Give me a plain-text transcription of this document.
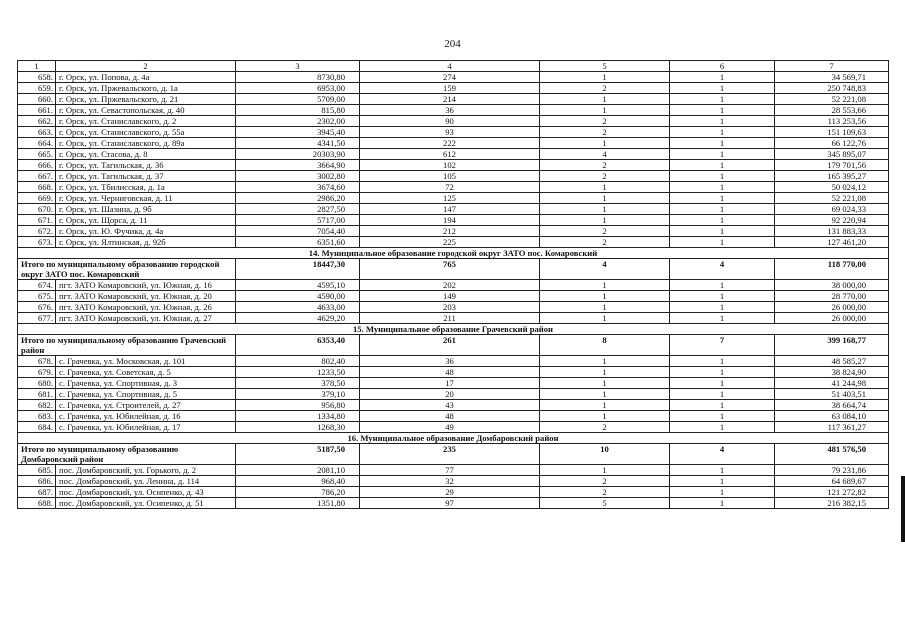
204
1	2	3	4	5	6	7
658.	г. Орск, ул. Попова, д. 4а	8730,80	274	1	1	34 569,71
659.	г. Орск, ул. Пржевальского, д. 1а	6953,00	159	2	1	250 748,83
660.	г. Орск, ул. Пржевальского, д. 21	5709,00	214	1	1	52 221,08
661.	г. Орск, ул. Севастопольская, д. 40	815,80	36	1	1	28 553,66
662.	г. Орск, ул. Станиславского, д. 2	2302,00	90	2	1	113 253,56
663.	г. Орск, ул. Станиславского, д. 55а	3945,40	93	2	1	151 109,63
664.	г. Орск, ул. Станиславского, д. 89а	4341,50	222	1	1	66 122,76
665.	г. Орск, ул. Стасова, д. 8	20303,90	612	4	1	345 895,07
666.	г. Орск, ул. Тагильская, д. 36	3664,90	102	2	1	179 701,56
667.	г. Орск, ул. Тагильская, д. 37	3002,80	105	2	1	165 395,27
668.	г. Орск, ул. Тбилисская, д. 1а	3674,60	72	1	1	50 024,12
669.	г. Орск, ул. Черниговская, д. 11	2986,20	125	1	1	52 221,08
670.	г. Орск, ул. Шазина, д. 9б	2827,50	147	1	1	69 024,33
671.	г. Орск, ул. Щорса, д. 11	5717,00	194	1	1	92 220,94
672.	г. Орск, ул. Ю. Фучика, д. 4а	7054,40	212	2	1	131 883,33
673.	г. Орск, ул. Ялтинская, д. 92б	6351,60	225	2	1	127 461,20
14. Муниципальное образование городской округ ЗАТО пос. Комаровский						
Итого по муниципальному образованию городской округ ЗАТО пос. Комаровский		18447,30	765	4	4	118 770,00
674.	пгт. ЗАТО Комаровский, ул. Южная, д. 16	4595,10	202	1	1	38 000,00
675.	пгт. ЗАТО Комаровский, ул. Южная, д. 20	4590,00	149	1	1	28 770,00
676.	пгт. ЗАТО Комаровский, ул. Южная, д. 26	4633,00	203	1	1	26 000,00
677.	пгт. ЗАТО Комаровский, ул. Южная, д. 27	4629,20	211	1	1	26 000,00
15. Муниципальное образование Грачевский район						
Итого по муниципальному образованию Грачевский район		6353,40	261	8	7	399 168,77
678.	с. Грачевка, ул. Московская, д. 101	802,40	36	1	1	48 585,27
679.	с. Грачевка, ул. Советская, д. 5	1233,50	48	1	1	38 824,90
680.	с. Грачевка, ул. Спортивная, д. 3	378,50	17	1	1	41 244,98
681.	с. Грачевка, ул. Спортивная, д. 5	379,10	20	1	1	51 403,51
682.	с. Грачевка, ул. Строителей, д. 27	956,80	43	1	1	38 664,74
683.	с. Грачевка, ул. Юбилейная, д. 16	1334,80	48	1	1	63 084,10
684.	с. Грачевка, ул. Юбилейная, д. 17	1268,30	49	2	1	117 361,27
16. Муниципальное образование Домбаровский район						
Итого по муниципальному образованию Домбаровский район		5187,50	235	10	4	481 576,50
685.	пос. Домбаровский, ул. Горького, д. 2	2081,10	77	1	1	79 231,86
686.	пос. Домбаровский, ул. Ленина, д. 114	968,40	32	2	1	64 689,67
687.	пос. Домбаровский, ул. Осипенко, д. 43	786,20	29	2	1	121 272,82
688.	пос. Домбаровский, ул. Осипенко, д. 51	1351,80	97	5	1	216 382,15
